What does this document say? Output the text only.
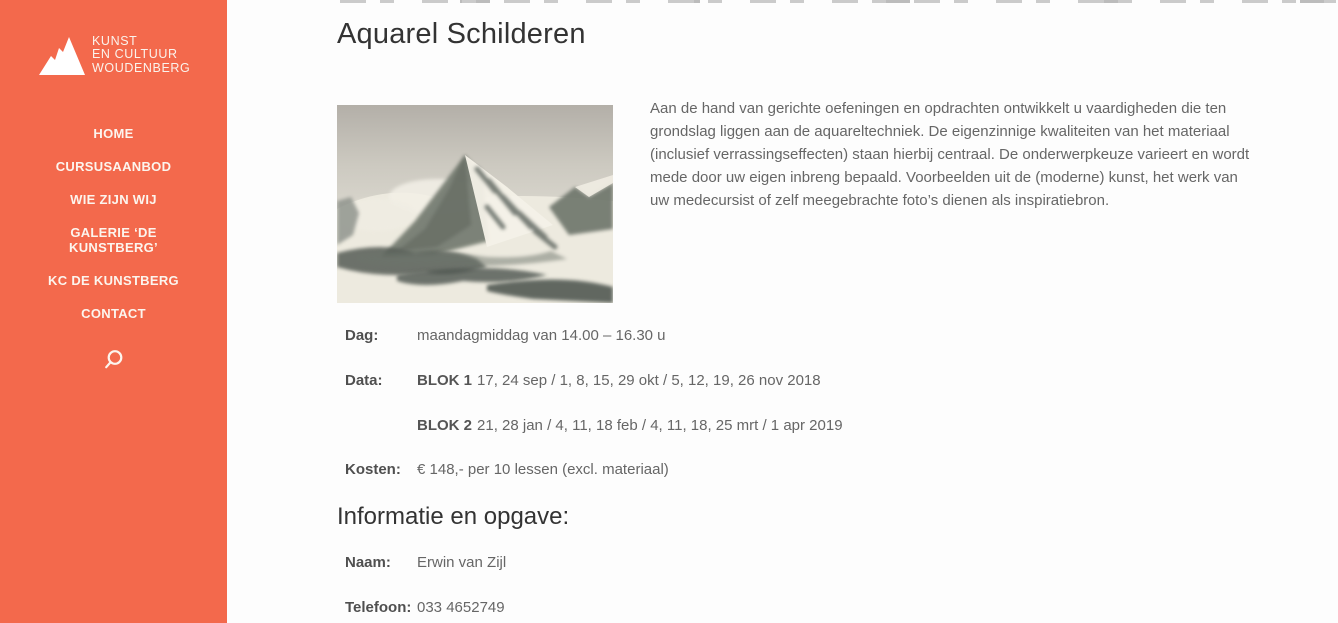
KUNST
EN CULTUUR
WOUDENBERG
HOME
CURSUSAANBOD
WIE ZIJN WIJ
GALERIE ‘DE KUNSTBERG’
KC DE KUNSTBERG
CONTACT
Aquarel Schilderen

Aan de hand van gerichte oefeningen en opdrachten ontwikkelt u vaardigheden die ten grondslag liggen aan de aquareltechniek. De eigenzinnige kwaliteiten van het materiaal (inclusief verrassingseffecten) staan hierbij centraal. De onderwerpkeuze varieert en wordt mede door uw eigen inbreng bepaald. Voorbeelden uit de (moderne) kunst, het werk van uw medecursist of zelf meegebrachte foto’s dienen als inspiratiebron.

Dag:	maandagmiddag van 14.00 – 16.30 u
Data: BLOK 1 17, 24 sep / 1, 8, 15, 29 okt / 5, 12, 19, 26 nov 2018
BLOK 2 21, 28 jan / 4, 11, 18 feb / 4, 11, 18, 25 mrt / 1 apr 2019
Kosten: € 148,- per 10 lessen (excl. materiaal)
Informatie en opgave:
Naam: Erwin van Zijl
Telefoon: 033 4652749
